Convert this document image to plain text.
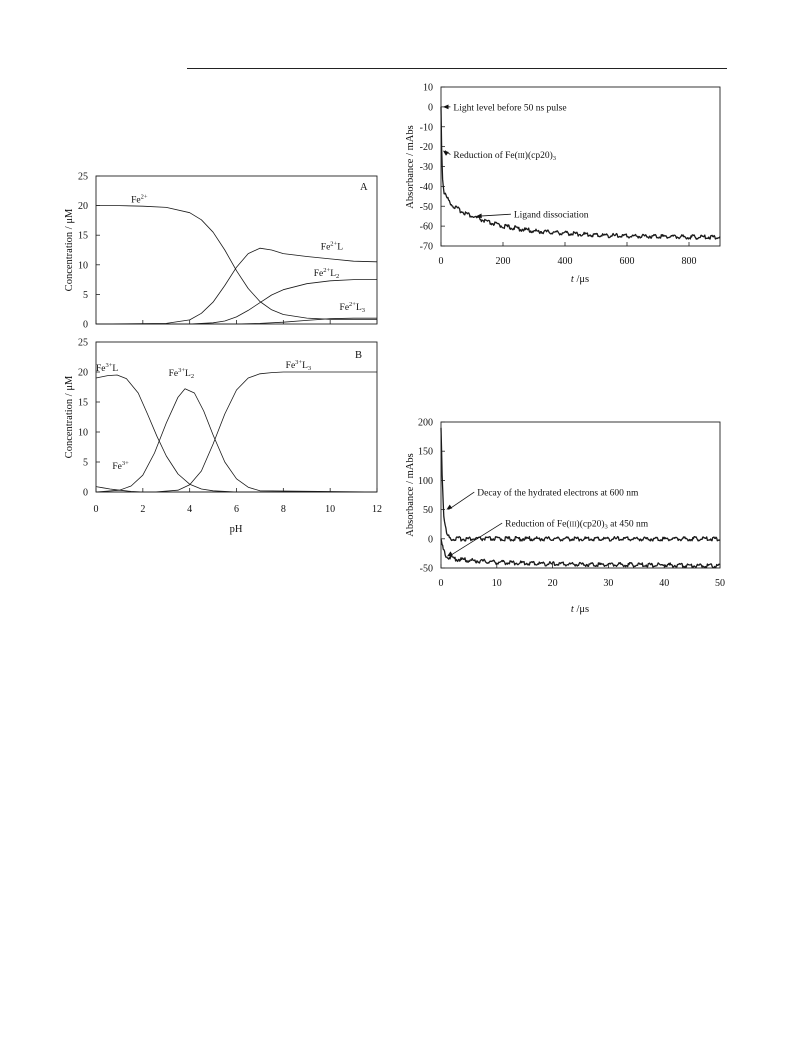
0
5
10
15
20
25
Concentration / μM
A
$Fe^{2+}$
$Fe^{2+}L$
$Fe^{2+}L_2$
$Fe^{2+}L_3$
0
5
10
15
20
25
0	2	4	6	8	10	12
pH
Concentration / μM
B
$Fe^{3+}L$
$Fe^{3+}L_2$
$Fe^{3+}L_3$
$Fe^{3+}$
10
0
-10
-20
-30
-40
-50
-60
-70
0	200	400	600	800
t /μs
Absorbance / mAbs
Light level before 50 ns pulse
Reduction of $Fe(III)(cp20)_3$
Ligand dissociation
200
150
100
50
0
-50
0	10	20	30	40	50
t /μs
Absorbance / mAbs	Decay of the hydrated electrons at 600 nm
Reduction of $Fe(III)(cp20)_3$ at 450 nm
